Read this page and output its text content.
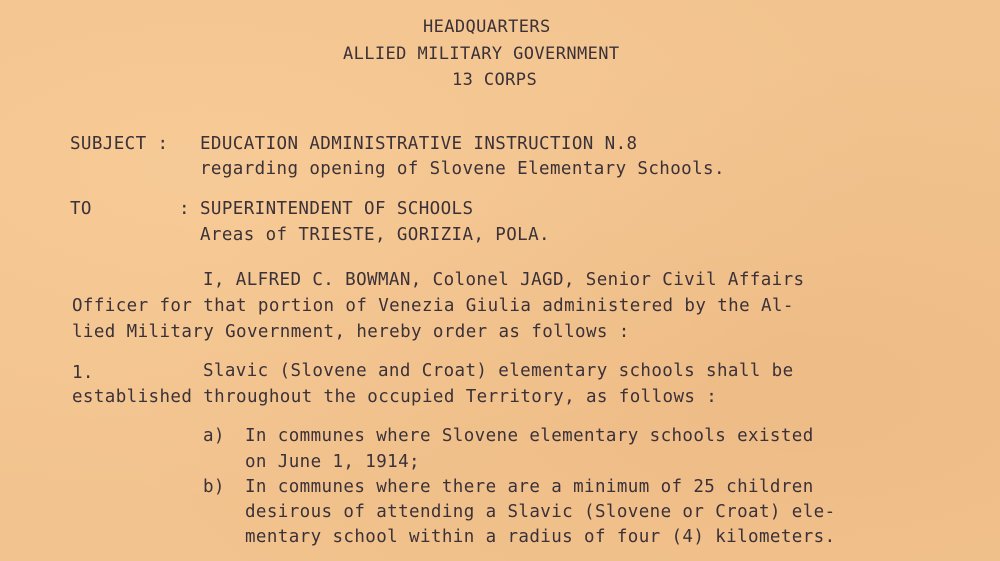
HEADQUARTERS
ALLIED MILITARY GOVERNMENT
13 CORPS
SUBJECT : EDUCATION ADMINISTRATIVE INSTRUCTION N.8
regarding opening of Slovene Elementary Schools.
TO	: SUPERINTENDENT OF SCHOOLS
Areas of TRIESTE, GORIZIA, POLA.
I, ALFRED C. BOWMAN, Colonel JAGD, Senior Civil Affairs
Officer for that portion of Venezia Giulia administered by the Al-
lied Military Government, hereby order as follows :
1.	Slavic (Slovene and Croat) elementary schools shall be
established throughout the occupied Territory, as follows :
a) In communes where Slovene elementary schools existed
on June 1, 1914;
b) In communes where there are a minimum of 25 children
desirous of attending a Slavic (Slovene or Croat) ele-
mentary school within a radius of four (4) kilometers.
